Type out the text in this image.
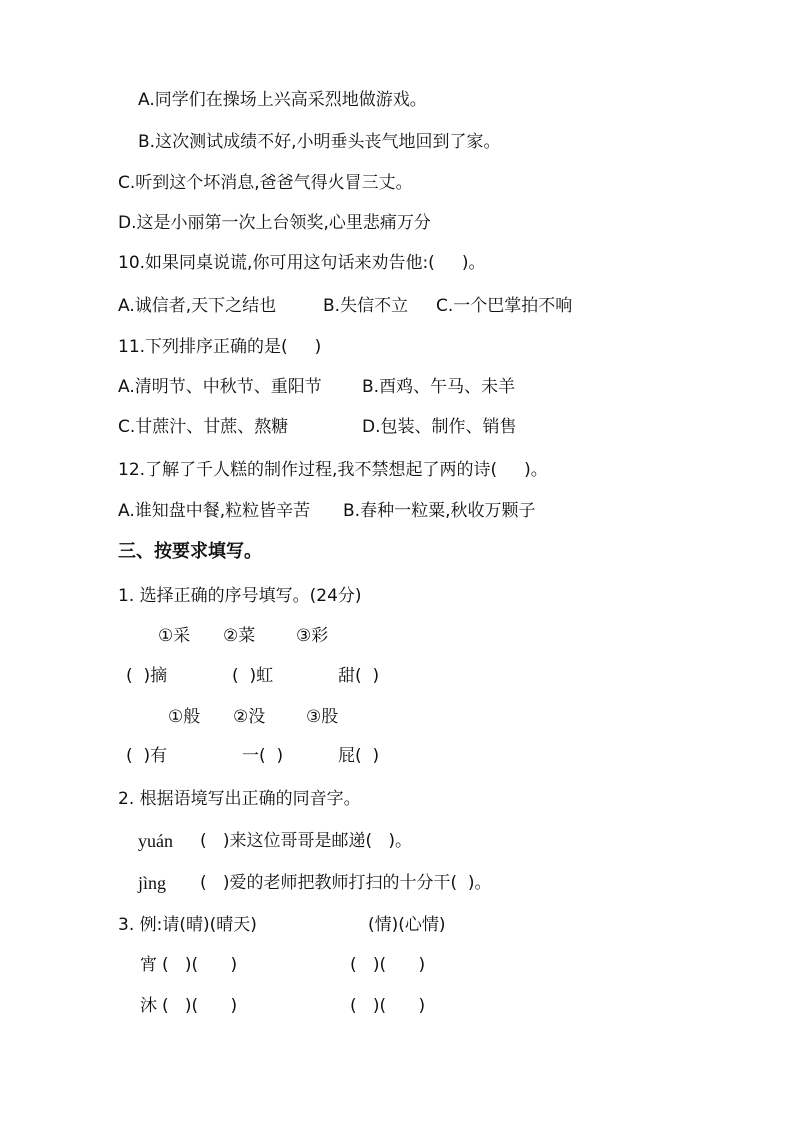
A.同学们在操场上兴高采烈地做游戏。
B.这次测试成绩不好,小明垂头丧气地回到了家。
C.听到这个坏消息,爸爸气得火冒三丈。
D.这是小丽第一次上台领奖,心里悲痛万分
10.如果同桌说谎,你可用这句话来劝告他:(     )。
A.诚信者,天下之结也	B.失信不立 C.一个巴掌拍不响
11.下列排序正确的是(     )
A.清明节、中秋节、重阳节 B.酉鸡、午马、未羊
C.甘蔗汁、甘蔗、熬糖	D.包装、制作、销售
12.了解了千人糕的制作过程,我不禁想起了两的诗(     )。
A.谁知盘中餐,粒粒皆辛苦 B.春种一粒粟,秋收万颗子
三、按要求填写。
1. 选择正确的序号填写。(24分)
①采 ②菜 ③彩
(  )摘	(  )虹	甜(  )
①般 ②没 ③股
(  )有	一(  )	屁(  )
2. 根据语境写出正确的同音字。
yuán (   )来这位哥哥是邮递(   )。
jìng (   )爱的老师把教师打扫的十分干(  )。
3. 例:请(晴)(晴天)	(情)(心情)
宵 (   )(      )	(   )(      )
沐 (   )(      )	(   )(      )
